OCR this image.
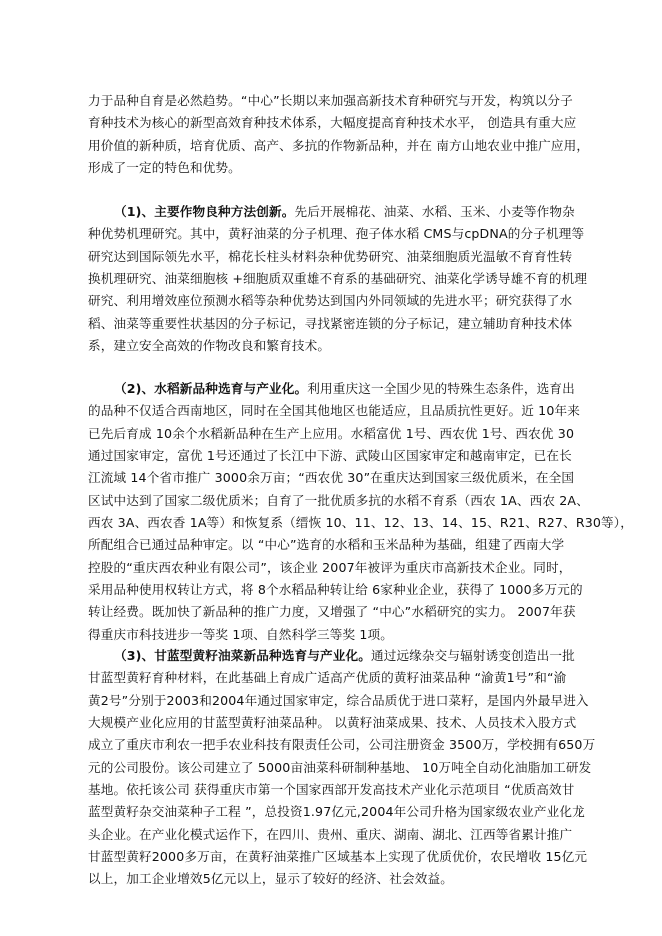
力于品种自育是必然趋势。“中心”长期以来加强高新技术育种研究与开发，构筑以分子
育种技术为核心的新型高效育种技术体系，大幅度提高育种技术水平， 创造具有重大应
用价值的新种质，培育优质、高产、多抗的作物新品种，并在 南方山地农业中推广应用，
形成了一定的特色和优势。
（1)、主要作物良种方法创新。先后开展棉花、油菜、水稻、玉米、小麦等作物杂
种优势机理研究。其中，黄籽油菜的分子机理、孢子体水稻 CMS与cpDNA的分子机理等
研究达到国际领先水平，棉花长柱头材料杂种优势研究、油菜细胞质光温敏不育育性转
换机理研究、油菜细胞核 +细胞质双重雄不育系的基础研究、油菜化学诱导雄不育的机理
研究、利用增效座位预测水稻等杂种优势达到国内外同领域的先进水平；研究获得了水
稻、油菜等重要性状基因的分子标记，寻找紧密连锁的分子标记，建立辅助育种技术体
系，建立安全高效的作物改良和繁育技术。
（2)、水稻新品种选育与产业化。利用重庆这一全国少见的特殊生态条件，选育出
的品种不仅适合西南地区，同时在全国其他地区也能适应，且品质抗性更好。近 10年来
已先后育成 10余个水稻新品种在生产上应用。水稻富优 1号、西农优 1号、西农优 30
通过国家审定，富优 1号还通过了长江中下游、武陵山区国家审定和越南审定，已在长
江流域 14个省市推广 3000余万亩；“西农优 30”在重庆达到国家三级优质米，在全国
区试中达到了国家二级优质米；自育了一批优质多抗的水稻不育系（西农 1A、西农 2A、
西农 3A、西农香 1A等）和恢复系（缙恢 10、11、12、13、14、15、R21、R27、R30等），
所配组合已通过品种审定。以 “中心”选育的水稻和玉米品种为基础，组建了西南大学
控股的“重庆西农种业有限公司”，该企业 2007年被评为重庆市高新技术企业。同时，
采用品种使用权转让方式，将 8个水稻品种转让给 6家种业企业，获得了 1000多万元的
转让经费。既加快了新品种的推广力度，又增强了 “中心”水稻研究的实力。 2007年获
得重庆市科技进步一等奖 1项、自然科学三等奖 1项。
（3)、甘蓝型黄籽油菜新品种选育与产业化。通过远缘杂交与辐射诱变创造出一批
甘蓝型黄籽育种材料，在此基础上育成广适高产优质的黄籽油菜品种 “渝黄1号”和“渝
黄2号”分别于2003和2004年通过国家审定，综合品质优于进口菜籽，是国内外最早进入
大规模产业化应用的甘蓝型黄籽油菜品种。 以黄籽油菜成果、技术、人员技术入股方式
成立了重庆市利农一把手农业科技有限责任公司，公司注册资金 3500万，学校拥有650万
元的公司股份。该公司建立了 5000亩油菜科研制种基地、 10万吨全自动化油脂加工研发
基地。依托该公司 获得重庆市第一个国家西部开发高技术产业化示范项目 “优质高效甘
蓝型黄籽杂交油菜种子工程 ”，总投资1.97亿元,2004年公司升格为国家级农业产业化龙
头企业。在产业化模式运作下，在四川、贵州、重庆、湖南、湖北、江西等省累计推广
甘蓝型黄籽2000多万亩，在黄籽油菜推广区域基本上实现了优质优价，农民增收 15亿元
以上，加工企业增效5亿元以上，显示了较好的经济、社会效益。
